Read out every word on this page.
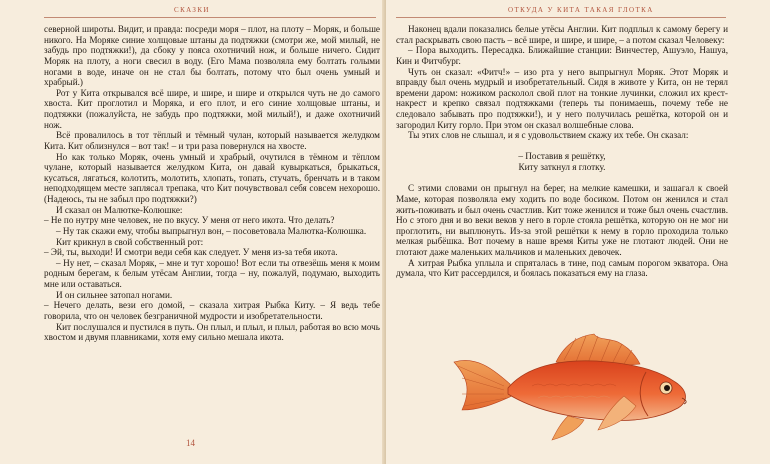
СКАЗКИ

северной широты. Видит, и правда: посреди моря – плот, на плоту – Моряк, и больше никого. На Моряке синие холщовые штаны да подтяжки (смотри же, мой милый, не забудь про подтяжки!), да сбоку у пояса охотничий нож, и больше ничего. Сидит Моряк на плоту, а ноги свесил в воду. (Его Мама позволяла ему болтать голыми ногами в воде, иначе он не стал бы болтать, потому что был очень умный и храбрый.)

Рот у Кита открывался всё шире, и шире, и шире и открылся чуть не до самого хвоста. Кит проглотил и Моряка, и его плот, и его синие холщовые штаны, и подтяжки (пожалуйста, не забудь про подтяжки, мой милый!), и даже охотничий нож.

Всё провалилось в тот тёплый и тёмный чулан, который называется желудком Кита. Кит облизнулся – вот так! – и три раза повернулся на хвосте.

Но как только Моряк, очень умный и храбрый, очутился в тёмном и тёплом чулане, который называется желудком Кита, он давай кувыркаться, брыкаться, кусаться, лягаться, колотить, молотить, хлопать, топать, стучать, бренчать и в таком неподходящем месте заплясал трепака, что Кит почувствовал себя совсем нехорошо. (Надеюсь, ты не забыл про подтяжки?)

И сказал он Малютке-Колюшке:

– Не по нутру мне человек, не по вкусу. У меня от него икота. Что делать?

– Ну так скажи ему, чтобы выпрыгнул вон, – посоветовала Малютка-Колюшка.

Кит крикнул в свой собственный рот:

– Эй, ты, выходи! И смотри веди себя как следует. У меня из-за тебя икота.

– Ну нет, – сказал Моряк, – мне и тут хорошо! Вот если ты отвезёшь меня к моим родным берегам, к белым утёсам Англии, тогда – ну, пожалуй, подумаю, выходить мне или оставаться.

И он сильнее затопал ногами.

– Нечего делать, вези его домой, – сказала хитрая Рыбка Киту. – Я ведь тебе говорила, что он человек безграничной мудрости и изобретательности.

Кит послушался и пустился в путь. Он плыл, и плыл, и плыл, работая во всю мочь хвостом и двумя плавниками, хотя ему сильно мешала икота.

14
ОТКУДА У КИТА ТАКАЯ ГЛОТКА

Наконец вдали показались белые утёсы Англии. Кит подплыл к самому берегу и стал раскрывать свою пасть – всё шире, и шире, и шире, – а потом сказал Человеку:

– Пора выходить. Пересадка. Ближайшие станции: Винчестер, Ашуэло, Нашуа, Кин и Фитчбург.

Чуть он сказал: «Фитч!» – изо рта у него выпрыгнул Моряк. Этот Моряк и вправду был очень мудрый и изобретательный. Сидя в животе у Кита, он не терял времени даром: ножиком расколол свой плот на тонкие лучинки, сложил их крест-накрест и крепко связал подтяжками (теперь ты понимаешь, почему тебе не следовало забывать про подтяжки!), и у него получилась решётка, которой он и загородил Киту горло. При этом он сказал волшебные слова.

Ты этих слов не слышал, и я с удовольствием скажу их тебе. Он сказал:

– Поставив я решётку,

Киту заткнул я глотку.

С этими словами он прыгнул на берег, на мелкие камешки, и зашагал к своей Маме, которая позволяла ему ходить по воде босиком. Потом он женился и стал жить-поживать и был очень счастлив. Кит тоже женился и тоже был очень счастлив. Но с этого дня и во веки веков у него в горле стояла решётка, которую он не мог ни проглотить, ни выплюнуть. Из-за этой решётки к нему в горло проходила только мелкая рыбёшка. Вот почему в наше время Киты уже не глотают людей. Они не глотают даже маленьких мальчиков и маленьких девочек.

А хитрая Рыбка уплыла и спряталась в тине, под самым порогом экватора. Она думала, что Кит рассердился, и боялась показаться ему на глаза.
